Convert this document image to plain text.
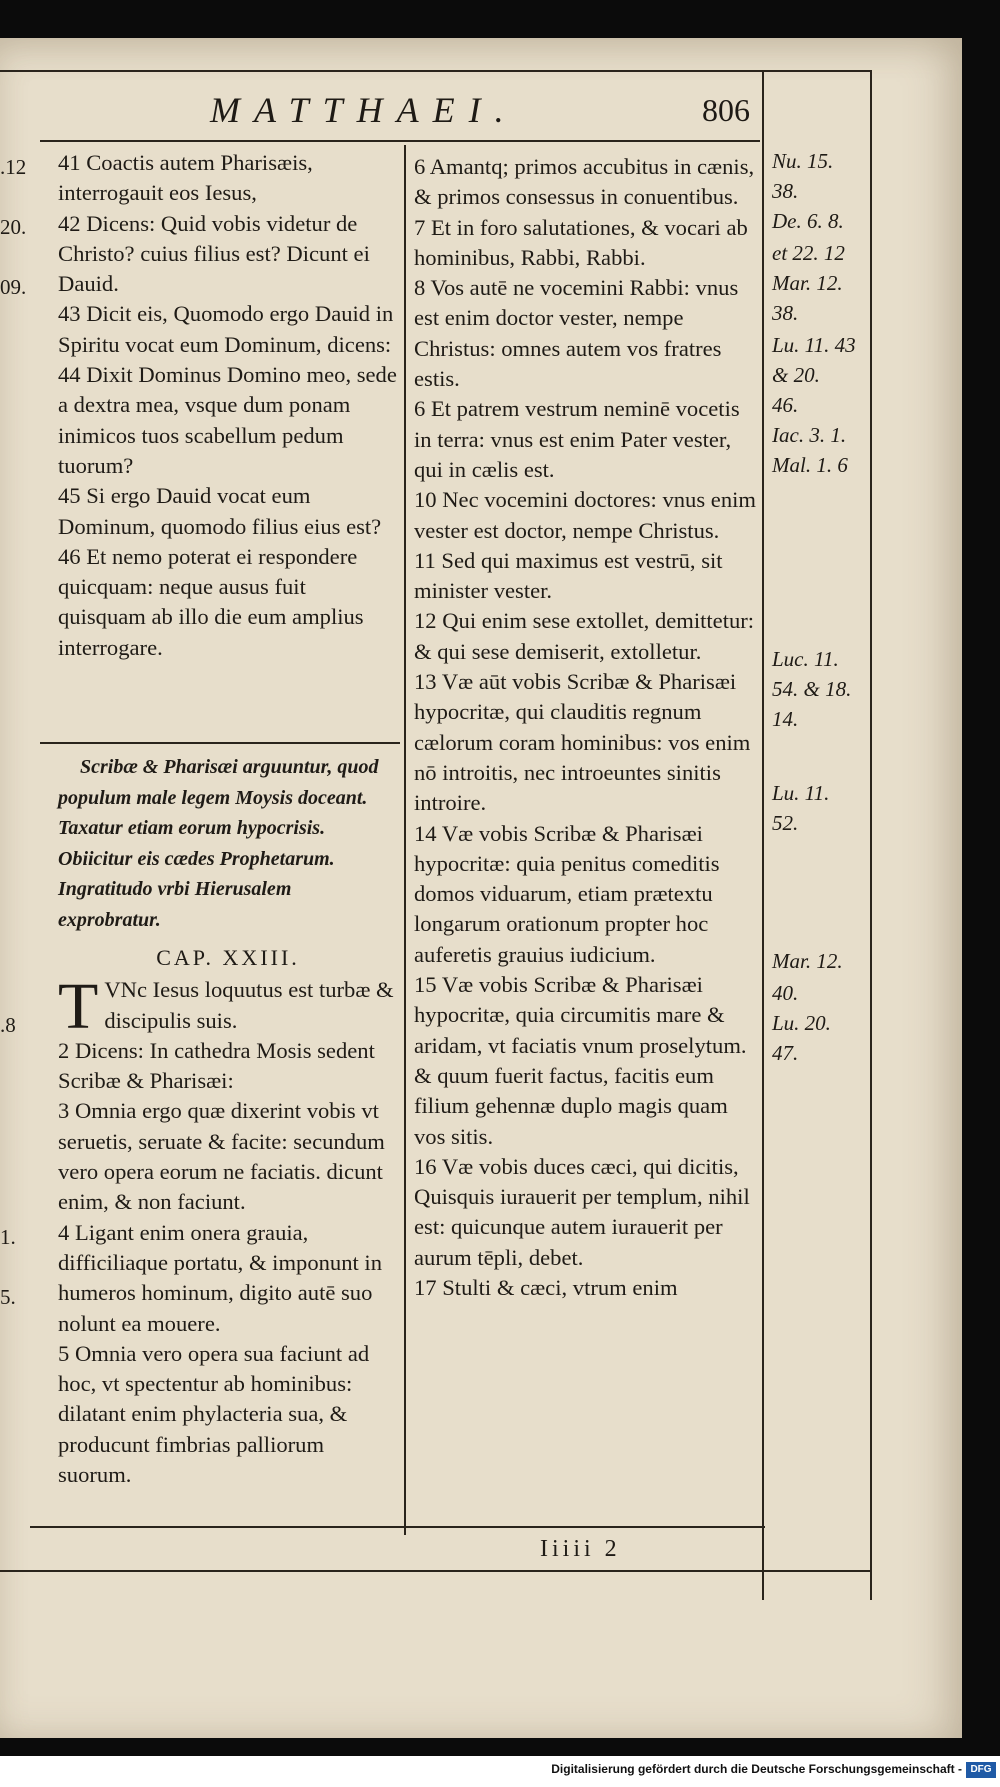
MATTHAEI.	806
.12
20.
09.
.8
1.
5.

41 Coactis autem Pharisæis, interrogauit eos Iesus,

42 Dicens: Quid vobis videtur de Christo? cuius filius est? Dicunt ei Dauid.

43 Dicit eis, Quomodo ergo Dauid in Spiritu vocat eum Dominum, dicens:

44 Dixit Dominus Domino meo, sede a dextra mea, vsque dum ponam inimicos tuos scabellum pedum tuorum?

45 Si ergo Dauid vocat eum Dominum, quomodo filius eius est?

46 Et nemo poterat ei respondere quicquam: neque ausus fuit quisquam ab illo die eum amplius interrogare.

Scribæ & Pharisæi arguuntur, quod populum male legem Moysis doceant. Taxatur etiam eorum hypocrisis. Obiicitur eis cædes Prophetarum. Ingratitudo vrbi Hierusalem exprobratur.

CAP. XXIII.

T VNc Iesus loquutus est turbæ & discipulis suis.

2 Dicens: In cathedra Mosis sedent Scribæ & Pharisæi:

3 Omnia ergo quæ dixerint vobis vt seruetis, seruate & facite: secundum vero opera eorum ne faciatis. dicunt enim, & non faciunt.

4 Ligant enim onera grauia, difficiliaque portatu, & imponunt in humeros hominum, digito autē suo nolunt ea mouere.

5 Omnia vero opera sua faciunt ad hoc, vt spectentur ab hominibus: dilatant enim phylacteria sua, & producunt fimbrias palliorum suorum.

6 Amantq; primos accubitus in cænis, & primos consessus in conuentibus.

7 Et in foro salutationes, & vocari ab hominibus, Rabbi, Rabbi.

8 Vos autē ne vocemini Rabbi: vnus est enim doctor vester, nempe Christus: omnes autem vos fratres estis.

6 Et patrem vestrum neminē vocetis in terra: vnus est enim Pater vester, qui in cælis est.

10 Nec vocemini doctores: vnus enim vester est doctor, nempe Christus.

11 Sed qui maximus est vestrū, sit minister vester.

12 Qui enim sese extollet, demittetur: & qui sese demiserit, extolletur.

13 Væ aūt vobis Scribæ & Pharisæi hypocritæ, qui clauditis regnum cælorum coram hominibus: vos enim nō introitis, nec introeuntes sinitis introire.

14 Væ vobis Scribæ & Pharisæi hypocritæ: quia penitus comeditis domos viduarum, etiam prætextu longarum orationum propter hoc auferetis grauius iudicium.

15 Væ vobis Scribæ & Pharisæi hypocritæ, quia circumitis mare & aridam, vt faciatis vnum proselytum. & quum fuerit factus, facitis eum filium gehennæ duplo magis quam vos sitis.

16 Væ vobis duces cæci, qui dicitis, Quisquis iurauerit per templum, nihil est: quicunque autem iurauerit per aurum tēpli, debet.

17 Stulti & cæci, vtrum enim

Nu. 15.
38.
De. 6. 8.
et 22. 12
Mar. 12.
38.
Lu. 11. 43
& 20.
46.
Iac. 3. 1.
Mal. 1. 6
Luc. 11.
54. & 18.
14.
Lu. 11.
52.
Mar. 12.
40.
Lu. 20.
47.
Iiiii 2
Digitalisierung gefördert durch die Deutsche Forschungsgemeinschaft - DFG
